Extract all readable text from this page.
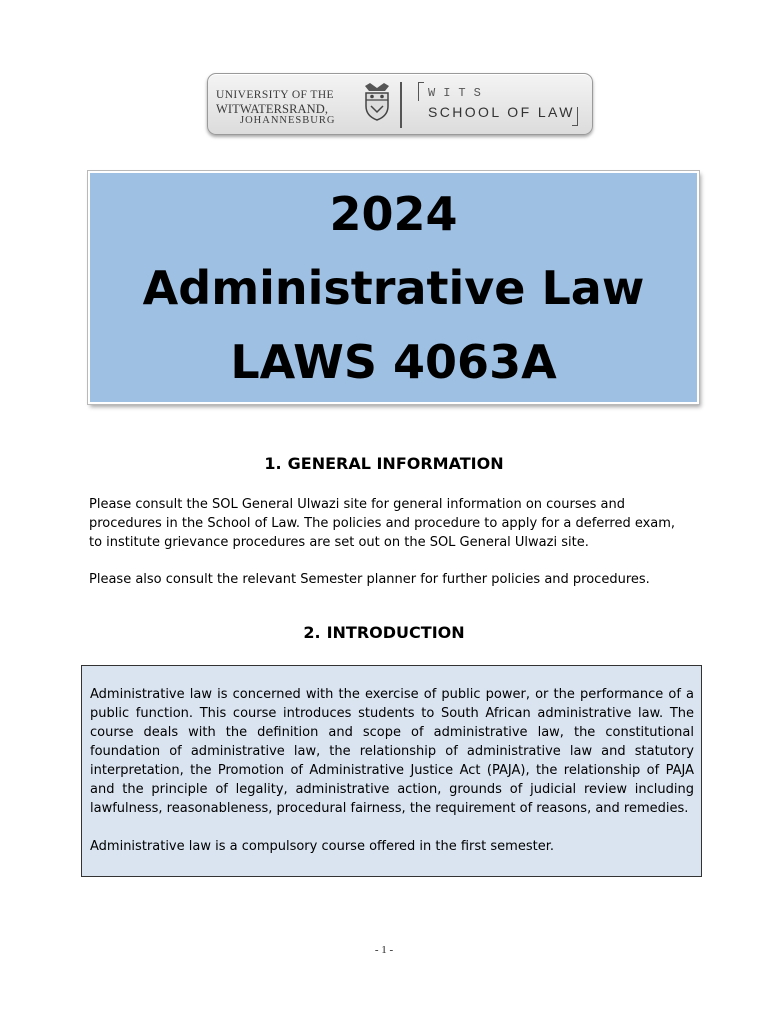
UNIVERSITY OF THE
WITWATERSRAND,
JOHANNESBURG
WITS
SCHOOL OF LAW
2024
Administrative Law
LAWS 4063A
1. GENERAL INFORMATION
Please consult the SOL General Ulwazi site for general information on courses and procedures in the School of Law. The policies and procedure to apply for a deferred exam, to institute grievance procedures are set out on the SOL General Ulwazi site.
Please also consult the relevant Semester planner for further policies and procedures.
2. INTRODUCTION
Administrative law is concerned with the exercise of public power, or the performance of a public function. This course introduces students to South African administrative law. The course deals with the definition and scope of administrative law, the constitutional foundation of administrative law, the relationship of administrative law and statutory interpretation, the Promotion of Administrative Justice Act (PAJA), the relationship of PAJA and the principle of legality, administrative action, grounds of judicial review including lawfulness, reasonableness, procedural fairness, the requirement of reasons, and remedies.
Administrative law is a compulsory course offered in the first semester.
- 1 -
